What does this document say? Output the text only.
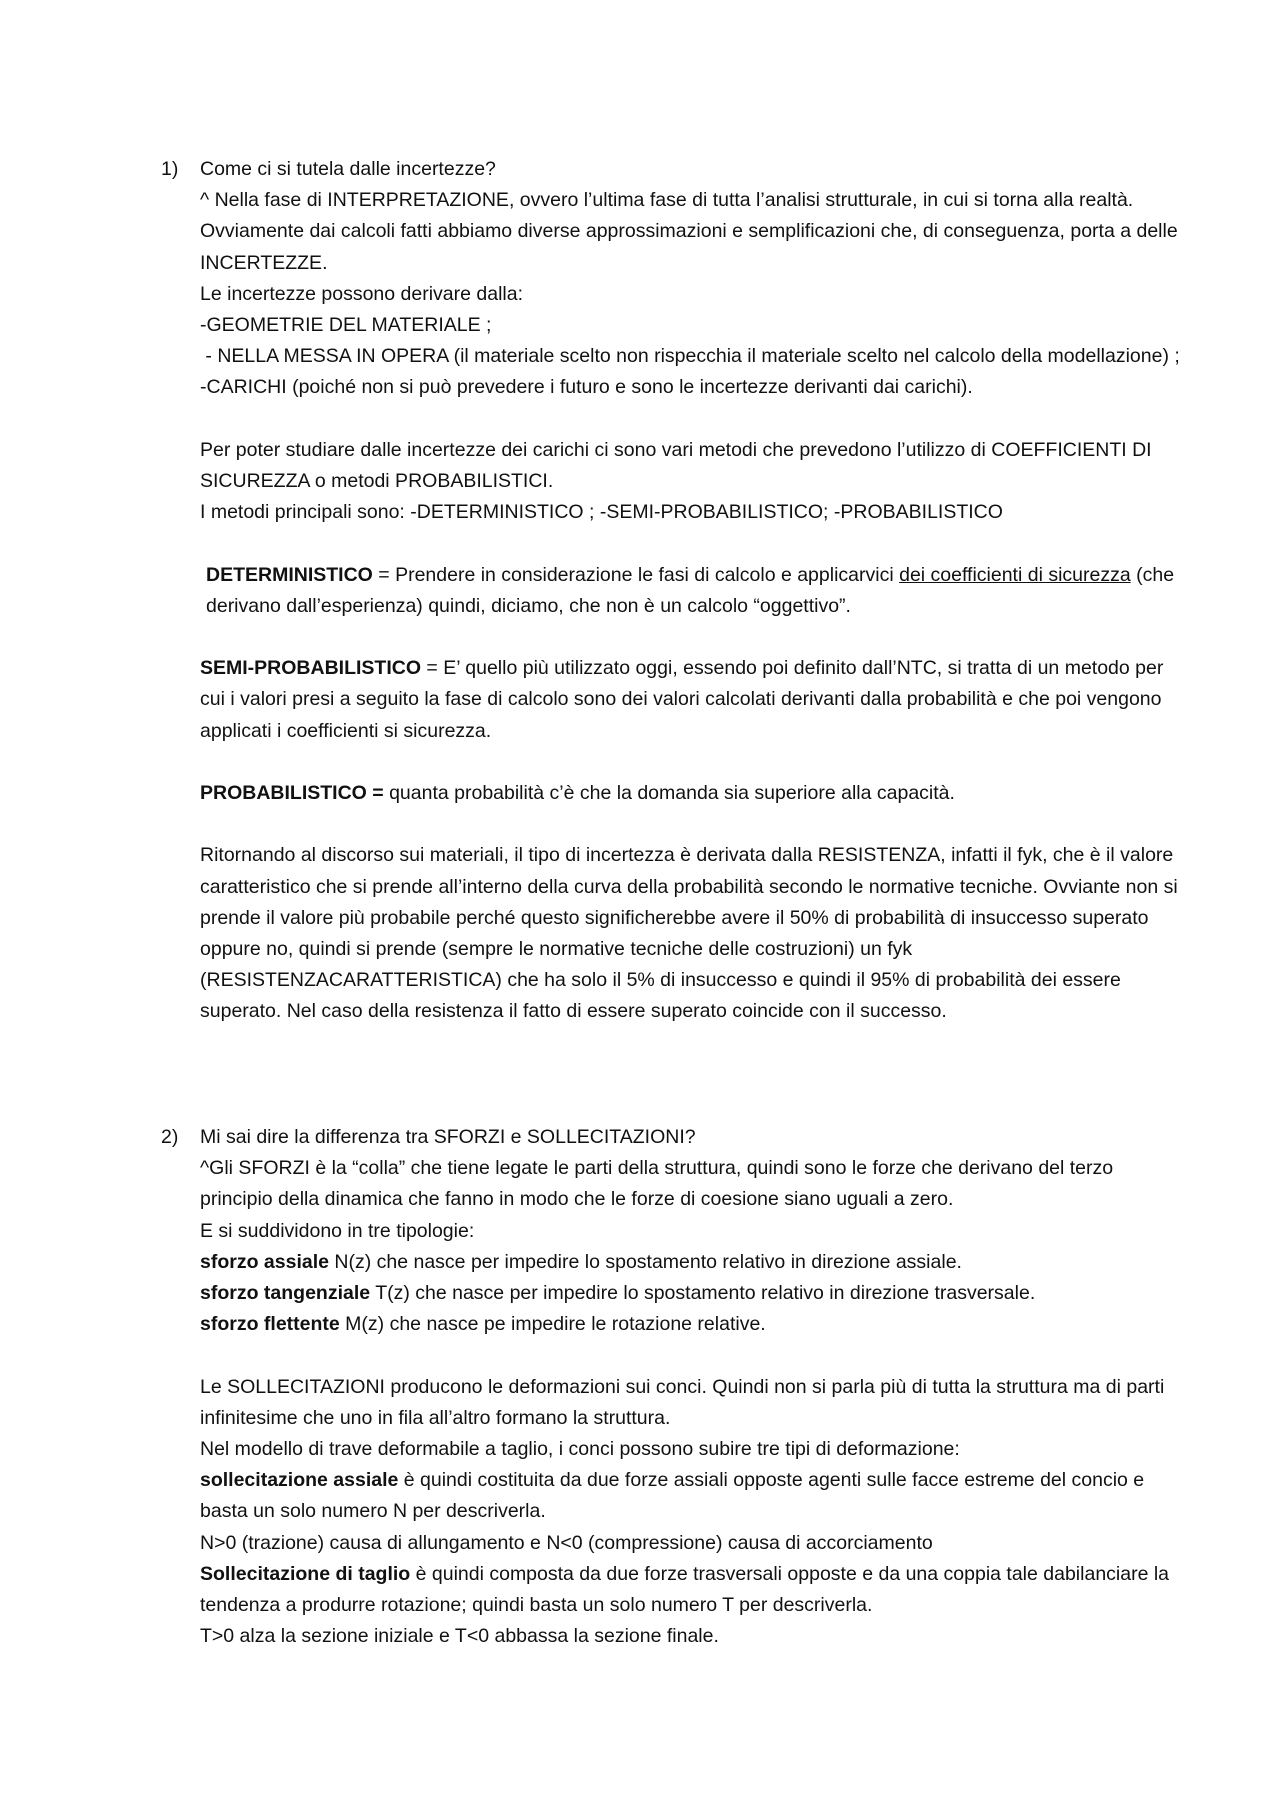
1) Come ci si tutela dalle incertezze?

^ Nella fase di INTERPRETAZIONE, ovvero l’ultima fase di tutta l’analisi strutturale, in cui si torna alla realtà. Ovviamente dai calcoli fatti abbiamo diverse approssimazioni e semplificazioni che, di conseguenza, porta a delle INCERTEZZE.

Le incertezze possono derivare dalla:

-GEOMETRIE DEL MATERIALE ;

- NELLA MESSA IN OPERA (il materiale scelto non rispecchia il materiale scelto nel calcolo della modellazione) ;

-CARICHI (poiché non si può prevedere i futuro e sono le incertezze derivanti dai carichi).

Per poter studiare dalle incertezze dei carichi ci sono vari metodi che prevedono l’utilizzo di COEFFICIENTI DI SICUREZZA o metodi PROBABILISTICI.

I metodi principali sono: -DETERMINISTICO ; -SEMI-PROBABILISTICO; -PROBABILISTICO

DETERMINISTICO = Prendere in considerazione le fasi di calcolo e applicarvici dei coefficienti di sicurezza (che derivano dall’esperienza) quindi, diciamo, che non è un calcolo “oggettivo”.

SEMI-PROBABILISTICO = E’ quello più utilizzato oggi, essendo poi definito dall’NTC, si tratta di un metodo per cui i valori presi a seguito la fase di calcolo sono dei valori calcolati derivanti dalla probabilità e che poi vengono applicati i coefficienti si sicurezza.

PROBABILISTICO = quanta probabilità c’è che la domanda sia superiore alla capacità.

Ritornando al discorso sui materiali, il tipo di incertezza è derivata dalla RESISTENZA, infatti il fyk, che è il valore caratteristico che si prende all’interno della curva della probabilità secondo le normative tecniche. Ovviante non si prende il valore più probabile perché questo significherebbe avere il 50% di probabilità di insuccesso superato oppure no, quindi si prende (sempre le normative tecniche delle costruzioni) un fyk (RESISTENZACARATTERISTICA) che ha solo il 5% di insuccesso e quindi il 95% di probabilità dei essere superato. Nel caso della resistenza il fatto di essere superato coincide con il successo.

2) Mi sai dire la differenza tra SFORZI e SOLLECITAZIONI?

^Gli SFORZI è la “colla” che tiene legate le parti della struttura, quindi sono le forze che derivano del terzo principio della dinamica che fanno in modo che le forze di coesione siano uguali a zero.

E si suddividono in tre tipologie:

sforzo assiale N(z) che nasce per impedire lo spostamento relativo in direzione assiale.

sforzo tangenziale T(z) che nasce per impedire lo spostamento relativo in direzione trasversale.

sforzo flettente M(z) che nasce pe impedire le rotazione relative.

Le SOLLECITAZIONI producono le deformazioni sui conci. Quindi non si parla più di tutta la struttura ma di parti infinitesime che uno in fila all’altro formano la struttura.

Nel modello di trave deformabile a taglio, i conci possono subire tre tipi di deformazione:

sollecitazione assiale è quindi costituita da due forze assiali opposte agenti sulle facce estreme del concio e basta un solo numero N per descriverla.

N>0 (trazione) causa di allungamento e N<0 (compressione) causa di accorciamento

Sollecitazione di taglio è quindi composta da due forze trasversali opposte e da una coppia tale dabilanciare la tendenza a produrre rotazione; quindi basta un solo numero T per descriverla.

T>0 alza la sezione iniziale e T<0 abbassa la sezione finale.
